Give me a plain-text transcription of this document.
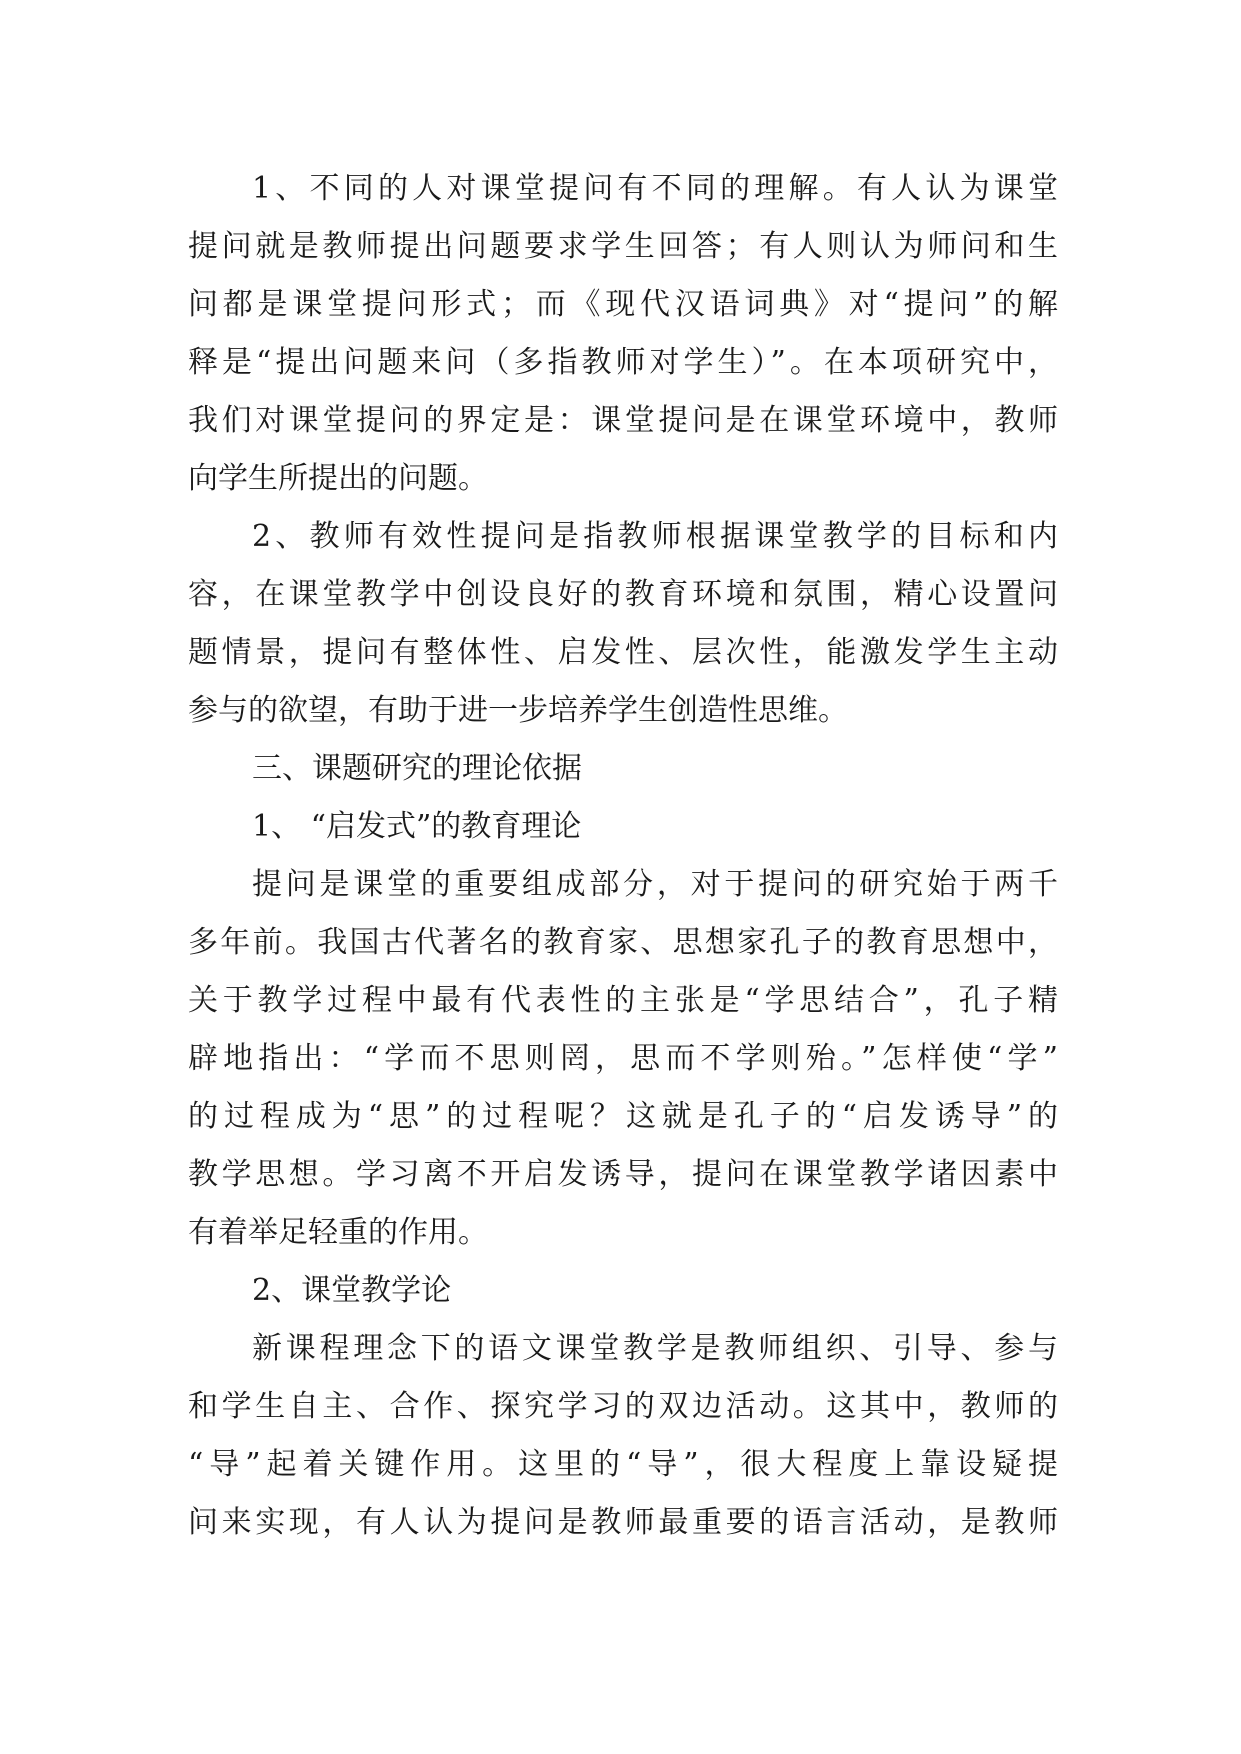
1、不同的人对课堂提问有不同的理解。有人认为课堂
提问就是教师提出问题要求学生回答；有人则认为师问和生
问都是课堂提问形式；而《现代汉语词典》对“提问”的解
释是“提出问题来问（多指教师对学生）”。在本项研究中，
我们对课堂提问的界定是：课堂提问是在课堂环境中，教师
向学生所提出的问题。
2、教师有效性提问是指教师根据课堂教学的目标和内
容，在课堂教学中创设良好的教育环境和氛围，精心设置问
题情景，提问有整体性、启发性、层次性，能激发学生主动
参与的欲望，有助于进一步培养学生创造性思维。
三、课题研究的理论依据
1、 “启发式”的教育理论
提问是课堂的重要组成部分，对于提问的研究始于两千
多年前。我国古代著名的教育家、思想家孔子的教育思想中，
关于教学过程中最有代表性的主张是“学思结合”，孔子精
辟地指出：“学而不思则罔，思而不学则殆。”怎样使“学”
的过程成为“思”的过程呢？这就是孔子的“启发诱导”的
教学思想。学习离不开启发诱导，提问在课堂教学诸因素中
有着举足轻重的作用。
2、课堂教学论
新课程理念下的语文课堂教学是教师组织、引导、参与
和学生自主、合作、探究学习的双边活动。这其中，教师的
“导”起着关键作用。这里的“导”，很大程度上靠设疑提
问来实现，有人认为提问是教师最重要的语言活动，是教师
